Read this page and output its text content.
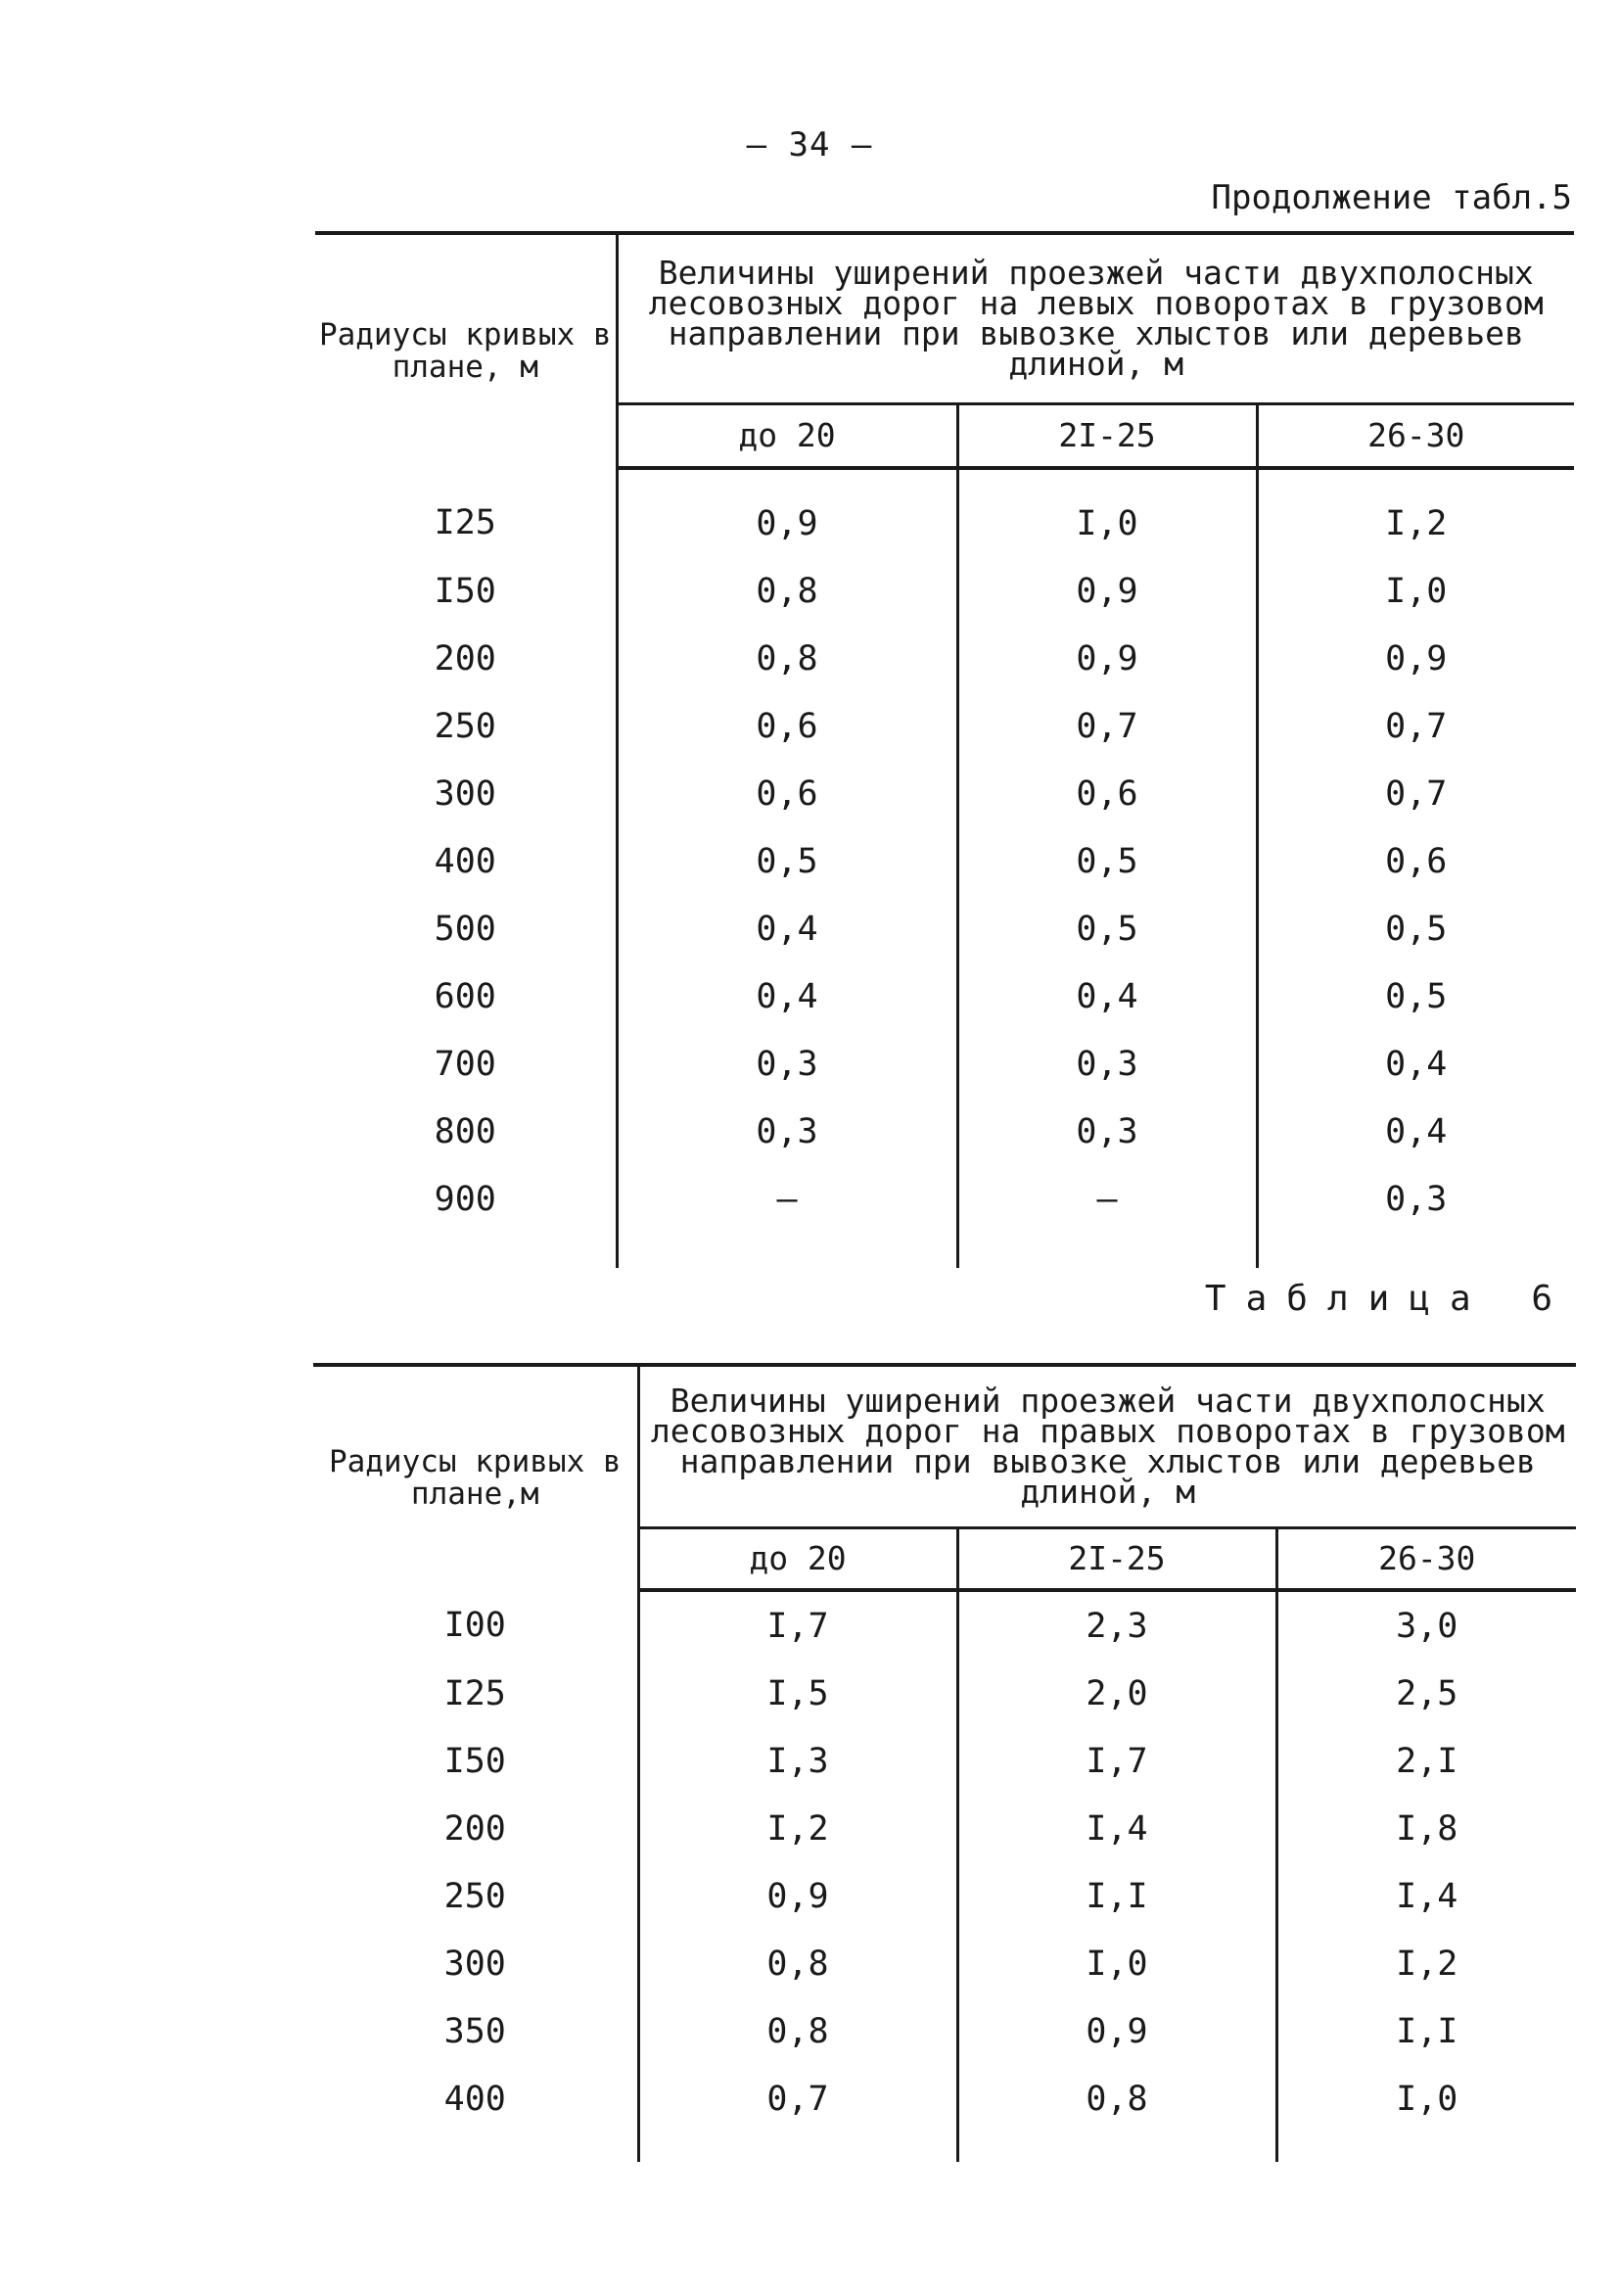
— 34 —
Продолжение табл.5
Радиусы кривых в плане, м	Величины уширений проезжей части двухполосных лесовозных дорог на левых поворотах в грузовом направлении при вывозке хлыстов или деревьев длиной, м		
	до 20	2I-25	26-30
I25	0,9	I,0	I,2
I50	0,8	0,9	I,0
200	0,8	0,9	0,9
250	0,6	0,7	0,7
300	0,6	0,6	0,7
400	0,5	0,5	0,6
500	0,4	0,5	0,5
600	0,4	0,4	0,5
700	0,3	0,3	0,4
800	0,3	0,3	0,4
900	–	–	0,3
Таблица 6
Радиусы кривых в плане,м	Величины уширений проезжей части двухполосных лесовозных дорог на правых поворотах в грузовом направлении при вывозке хлыстов или деревьев длиной, м		
	до 20	2I-25	26-30
I00	I,7	2,3	3,0
I25	I,5	2,0	2,5
I50	I,3	I,7	2,I
200	I,2	I,4	I,8
250	0,9	I,I	I,4
300	0,8	I,0	I,2
350	0,8	0,9	I,I
400	0,7	0,8	I,0
